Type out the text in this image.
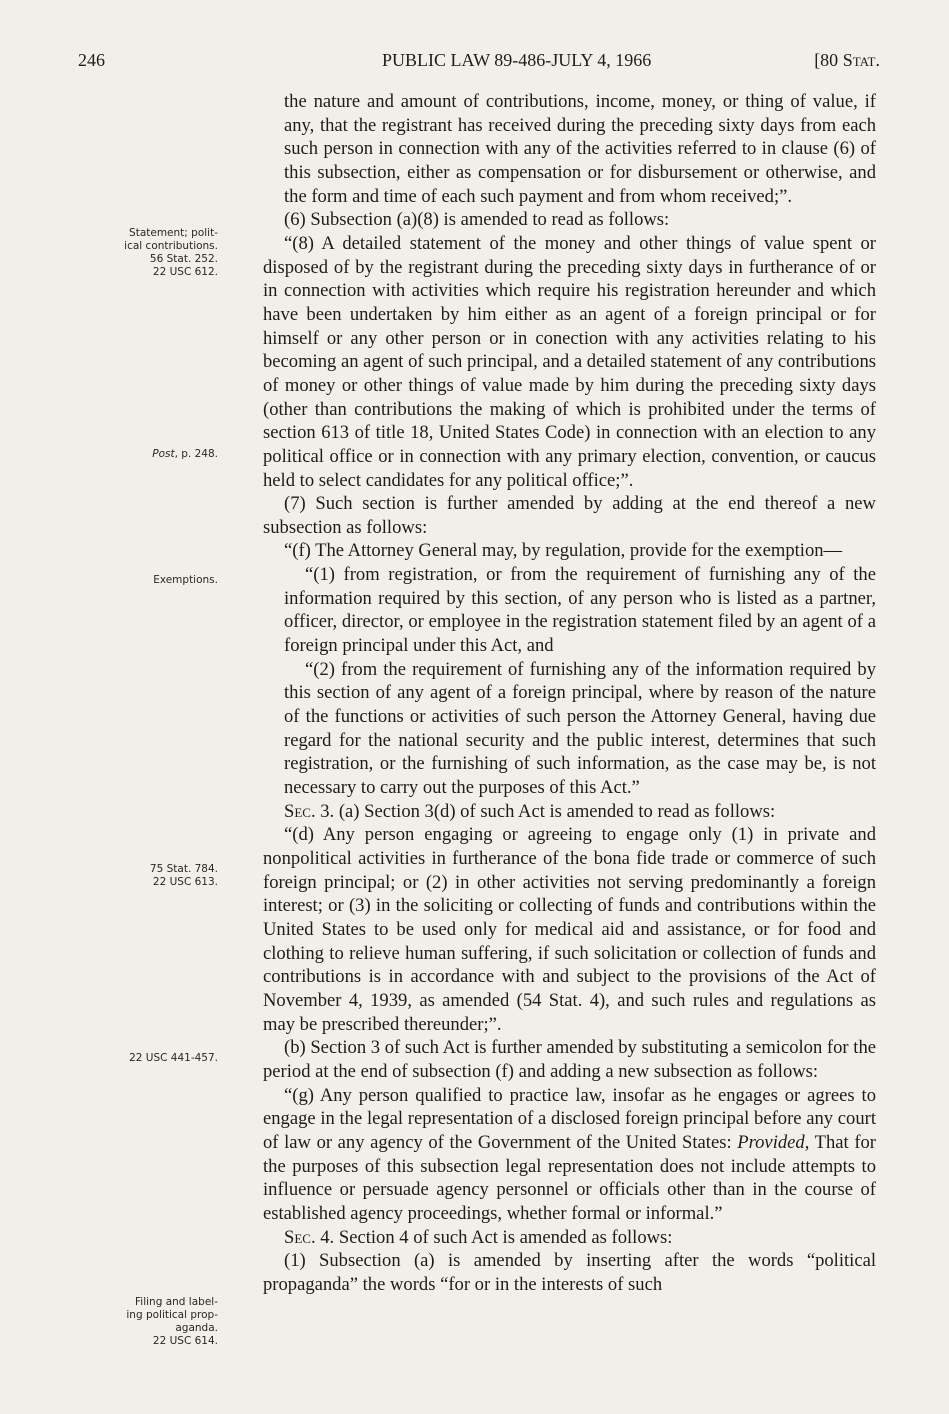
246	PUBLIC LAW 89-486-JULY 4, 1966	[80 Stat.
Statement; polit-
ical contributions.
56 Stat. 252.
22 USC 612.
Post, p. 248.
Exemptions.
75 Stat. 784.
22 USC 613.
22 USC 441-457.
Filing and label-
ing political prop-
aganda.
22 USC 614.

the nature and amount of contributions, income, money, or thing of value, if any, that the registrant has received during the preceding sixty days from each such person in connection with any of the activities referred to in clause (6) of this subsection, either as compensation or for disbursement or otherwise, and the form and time of each such payment and from whom received;”.

(6) Subsection (a)(8) is amended to read as follows:

“(8) A detailed statement of the money and other things of value spent or disposed of by the registrant during the preceding sixty days in furtherance of or in connection with activities which require his registration hereunder and which have been undertaken by him either as an agent of a foreign principal or for himself or any other person or in conection with any activities relating to his becoming an agent of such principal, and a detailed statement of any contributions of money or other things of value made by him during the preceding sixty days (other than contributions the making of which is prohibited under the terms of section 613 of title 18, United States Code) in connection with an election to any political office or in connection with any primary election, convention, or caucus held to select candidates for any political office;”.

(7) Such section is further amended by adding at the end thereof a new subsection as follows:

“(f) The Attorney General may, by regulation, provide for the exemption—

“(1) from registration, or from the requirement of furnishing any of the information required by this section, of any person who is listed as a partner, officer, director, or employee in the registration statement filed by an agent of a foreign principal under this Act, and

“(2) from the requirement of furnishing any of the information required by this section of any agent of a foreign principal, where by reason of the nature of the functions or activities of such person the Attorney General, having due regard for the national security and the public interest, determines that such registration, or the furnishing of such information, as the case may be, is not necessary to carry out the purposes of this Act.”

Sec. 3. (a) Section 3(d) of such Act is amended to read as follows:

“(d) Any person engaging or agreeing to engage only (1) in private and nonpolitical activities in furtherance of the bona fide trade or commerce of such foreign principal; or (2) in other activities not serving predominantly a foreign interest; or (3) in the soliciting or collecting of funds and contributions within the United States to be used only for medical aid and assistance, or for food and clothing to relieve human suffering, if such solicitation or collection of funds and contributions is in accordance with and subject to the provisions of the Act of November 4, 1939, as amended (54 Stat. 4), and such rules and regulations as may be prescribed thereunder;”.

(b) Section 3 of such Act is further amended by substituting a semicolon for the period at the end of subsection (f) and adding a new subsection as follows:

“(g) Any person qualified to practice law, insofar as he engages or agrees to engage in the legal representation of a disclosed foreign principal before any court of law or any agency of the Government of the United States: Provided, That for the purposes of this subsection legal representation does not include attempts to influence or persuade agency personnel or officials other than in the course of established agency proceedings, whether formal or informal.”

Sec. 4. Section 4 of such Act is amended as follows:

(1) Subsection (a) is amended by inserting after the words “political propaganda” the words “for or in the interests of such
